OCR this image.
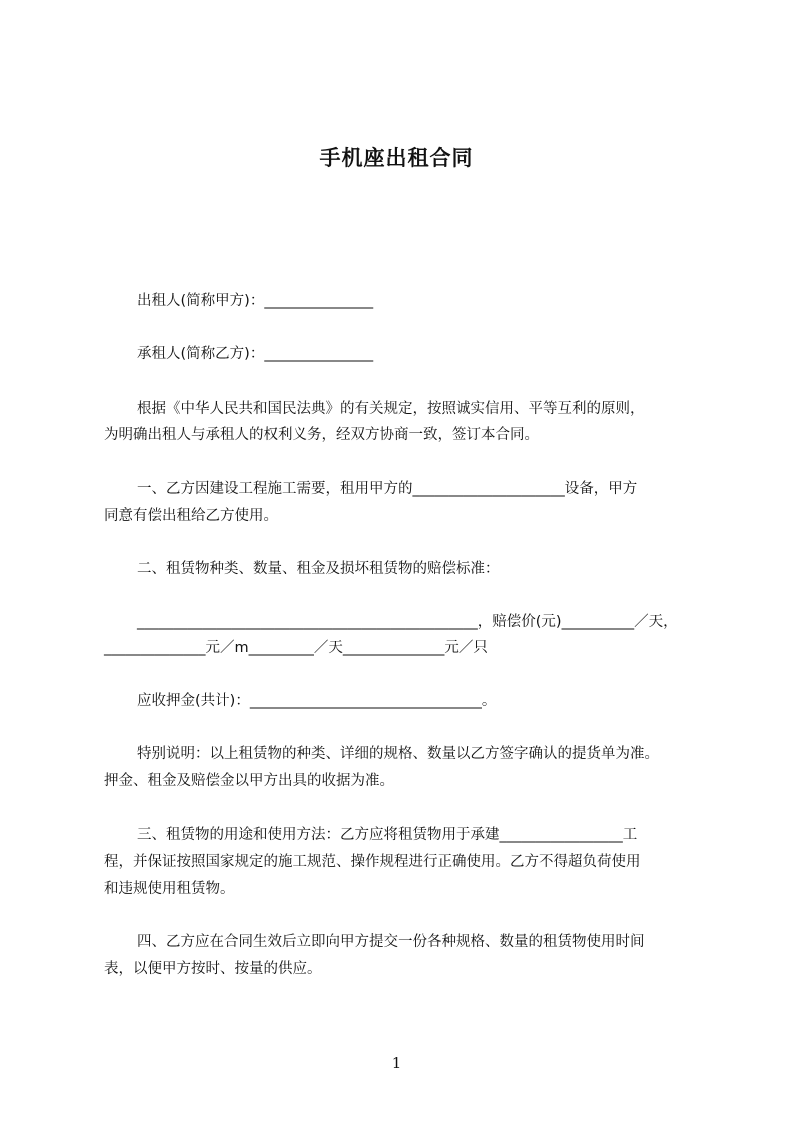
手机座出租合同
出租人(简称甲方)：_______________
承租人(简称乙方)：_______________
根据《中华人民共和国民法典》的有关规定，按照诚实信用、平等互利的原则，
为明确出租人与承租人的权利义务，经双方协商一致，签订本合同。
一、乙方因建设工程施工需要，租用甲方的_____________________设备，甲方
同意有偿出租给乙方使用。
二、租赁物种类、数量、租金及损坏租赁物的赔偿标准：
_______________________________________________，赔偿价(元)__________／天，
______________元／m_________／天______________元／只
应收押金(共计)：________________________________。
特别说明：以上租赁物的种类、详细的规格、数量以乙方签字确认的提货单为准。
押金、租金及赔偿金以甲方出具的收据为准。
三、租赁物的用途和使用方法：乙方应将租赁物用于承建_________________工
程，并保证按照国家规定的施工规范、操作规程进行正确使用。乙方不得超负荷使用
和违规使用租赁物。
四、乙方应在合同生效后立即向甲方提交一份各种规格、数量的租赁物使用时间
表，以便甲方按时、按量的供应。
1
